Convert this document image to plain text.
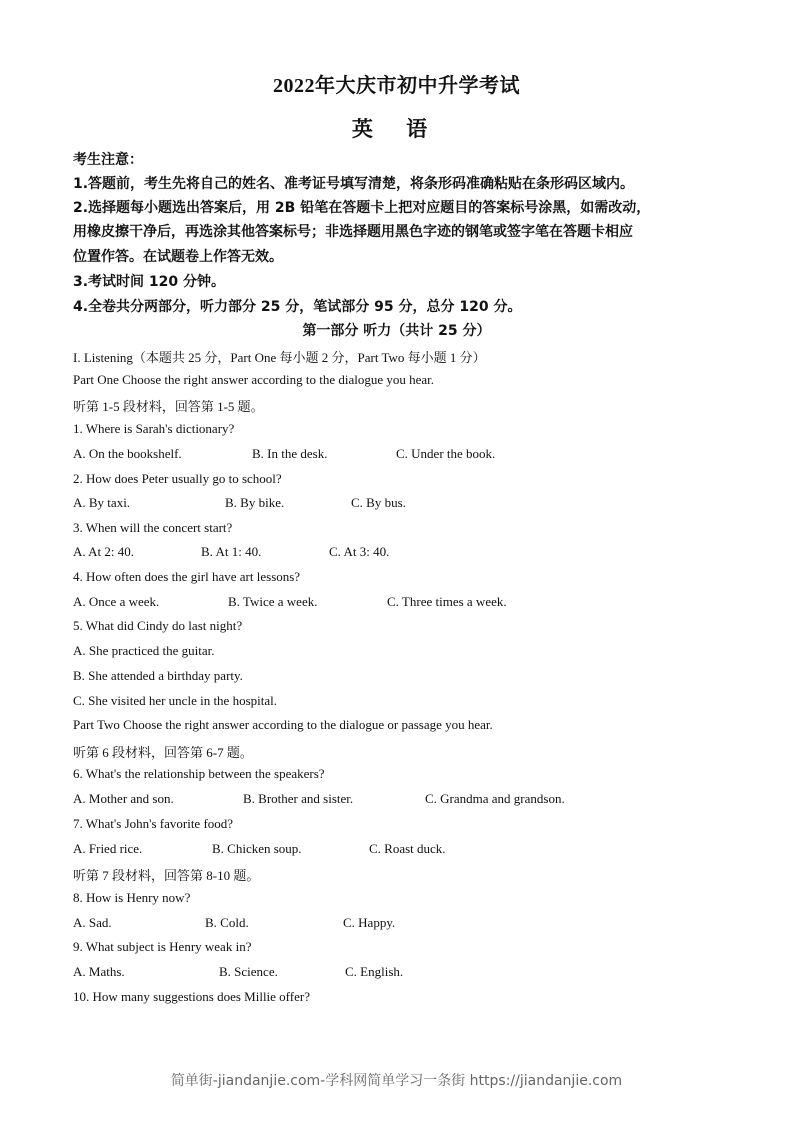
2022年大庆市初中升学考试
英 语
考生注意：
1.答题前，考生先将自己的姓名、准考证号填写清楚，将条形码准确粘贴在条形码区域内。
2.选择题每小题选出答案后，用 2B 铅笔在答题卡上把对应题目的答案标号涂黑，如需改动，
用橡皮擦干净后，再选涂其他答案标号；非选择题用黑色字迹的钢笔或签字笔在答题卡相应
位置作答。在试题卷上作答无效。
3.考试时间 120 分钟。
4.全卷共分两部分，听力部分 25 分，笔试部分 95 分，总分 120 分。
第一部分 听力（共计 25 分）
I. Listening（本题共 25 分，Part One 每小题 2 分，Part Two 每小题 1 分）
Part One Choose the right answer according to the dialogue you hear.
听第 1-5 段材料，回答第 1-5 题。
1. Where is Sarah's dictionary?
A. On the bookshelf.	B. In the desk.	C. Under the book.
2. How does Peter usually go to school?
A. By taxi.	B. By bike.	C. By bus.
3. When will the concert start?
A. At 2: 40.	B. At 1: 40.	C. At 3: 40.
4. How often does the girl have art lessons?
A. Once a week.	B. Twice a week.	C. Three times a week.
5. What did Cindy do last night?
A. She practiced the guitar.
B. She attended a birthday party.
C. She visited her uncle in the hospital.
Part Two Choose the right answer according to the dialogue or passage you hear.
听第 6 段材料，回答第 6-7 题。
6. What's the relationship between the speakers?
A. Mother and son.	B. Brother and sister.	C. Grandma and grandson.
7. What's John's favorite food?
A. Fried rice.	B. Chicken soup.	C. Roast duck.
听第 7 段材料，回答第 8-10 题。
8. How is Henry now?
A. Sad.	B. Cold.	C. Happy.
9. What subject is Henry weak in?
A. Maths.	B. Science.	C. English.
10. How many suggestions does Millie offer?
简单街-jiandanjie.com-学科网简单学习一条街 https://jiandanjie.com
